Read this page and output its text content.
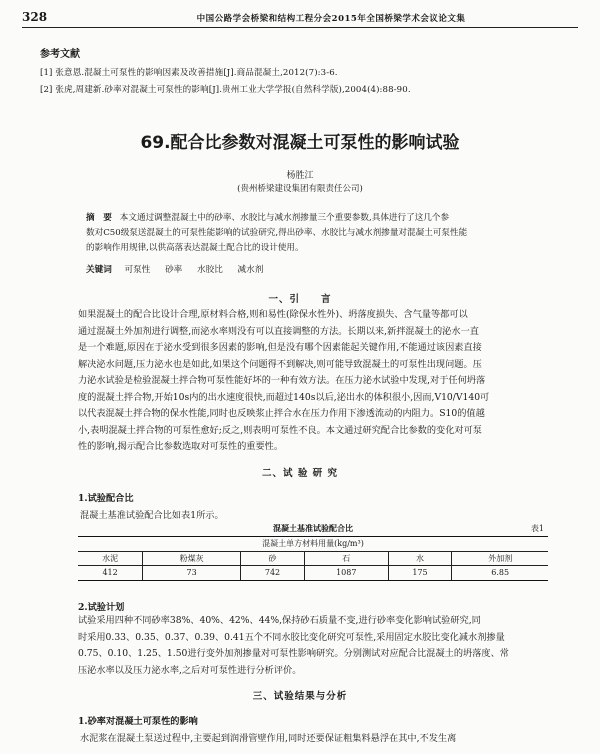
328	中国公路学会桥梁和结构工程分会2015年全国桥梁学术会议论文集
参考文献
[1] 张意恩.混凝土可泵性的影响因素及改善措施[J].商品混凝土,2012(7):3-6.
[2] 张虎,周建新.砂率对混凝土可泵性的影响[J].贵州工业大学学报(自然科学版),2004(4):88-90.
69.配合比参数对混凝土可泵性的影响试验
杨胜江
(贵州桥梁建设集团有限责任公司)
摘　要 本文通过调整混凝土中的砂率、水胶比与减水剂掺量三个重要参数,具体进行了这几个参
数对C50级泵送混凝土的可泵性能影响的试验研究,得出砂率、水胶比与减水剂掺量对混凝土可泵性能
的影响作用规律,以供高落表达混凝土配合比的设计使用。
关键词 可泵性 砂率 水胶比 减水剂
一、引　　言
如果混凝土的配合比设计合理,原材料合格,则和易性(除保水性外)、坍落度损失、含气量等都可以
通过混凝土外加剂进行调整,而泌水率则没有可以直接调整的方法。长期以来,新拌混凝土的泌水一直
是一个难题,原因在于泌水受到很多因素的影响,但是没有哪个因素能起关键作用,不能通过该因素直接
解决泌水问题,压力泌水也是如此,如果这个问题得不到解决,则可能导致混凝土的可泵性出现问题。压
力泌水试验是检验混凝土拌合物可泵性能好坏的一种有效方法。在压力泌水试验中发现,对于任何坍落
度的混凝土拌合物,开始10s内的出水速度很快,而超过140s以后,泌出水的体积很小,因而,V10/V140可
以代表混凝土拌合物的保水性能,同时也反映浆止拌合水在压力作用下渗透流动的内阻力。S10的值越
小,表明混凝土拌合物的可泵性愈好;反之,则表明可泵性不良。本文通过研究配合比参数的变化对可泵
性的影响,揭示配合比参数选取对可泵性的重要性。
二、试 验 研 究
1.试验配合比
混凝土基准试验配合比如表1所示。
混凝土基准试验配合比	表1
混凝土单方材料用量(kg/m³)					
水泥	粉煤灰	砂	石	水	外加剂
412	73	742	1087	175	6.85
2.试验计划
试验采用四种不同砂率38%、40%、42%、44%,保持砂石质量不变,进行砂率变化影响试验研究,同
时采用0.33、0.35、0.37、0.39、0.41五个不同水胶比变化研究可泵性,采用固定水胶比变化减水剂掺量
0.75、0.10、1.25、1.50进行变外加剂掺量对可泵性影响研究。分别测试对应配合比混凝土的坍落度、常
压泌水率以及压力泌水率,之后对可泵性进行分析评价。
三、试验结果与分析
1.砂率对混凝土可泵性的影响
水泥浆在混凝土泵送过程中,主要起到润滑管壁作用,同时还要保证粗集料悬浮在其中,不发生离
